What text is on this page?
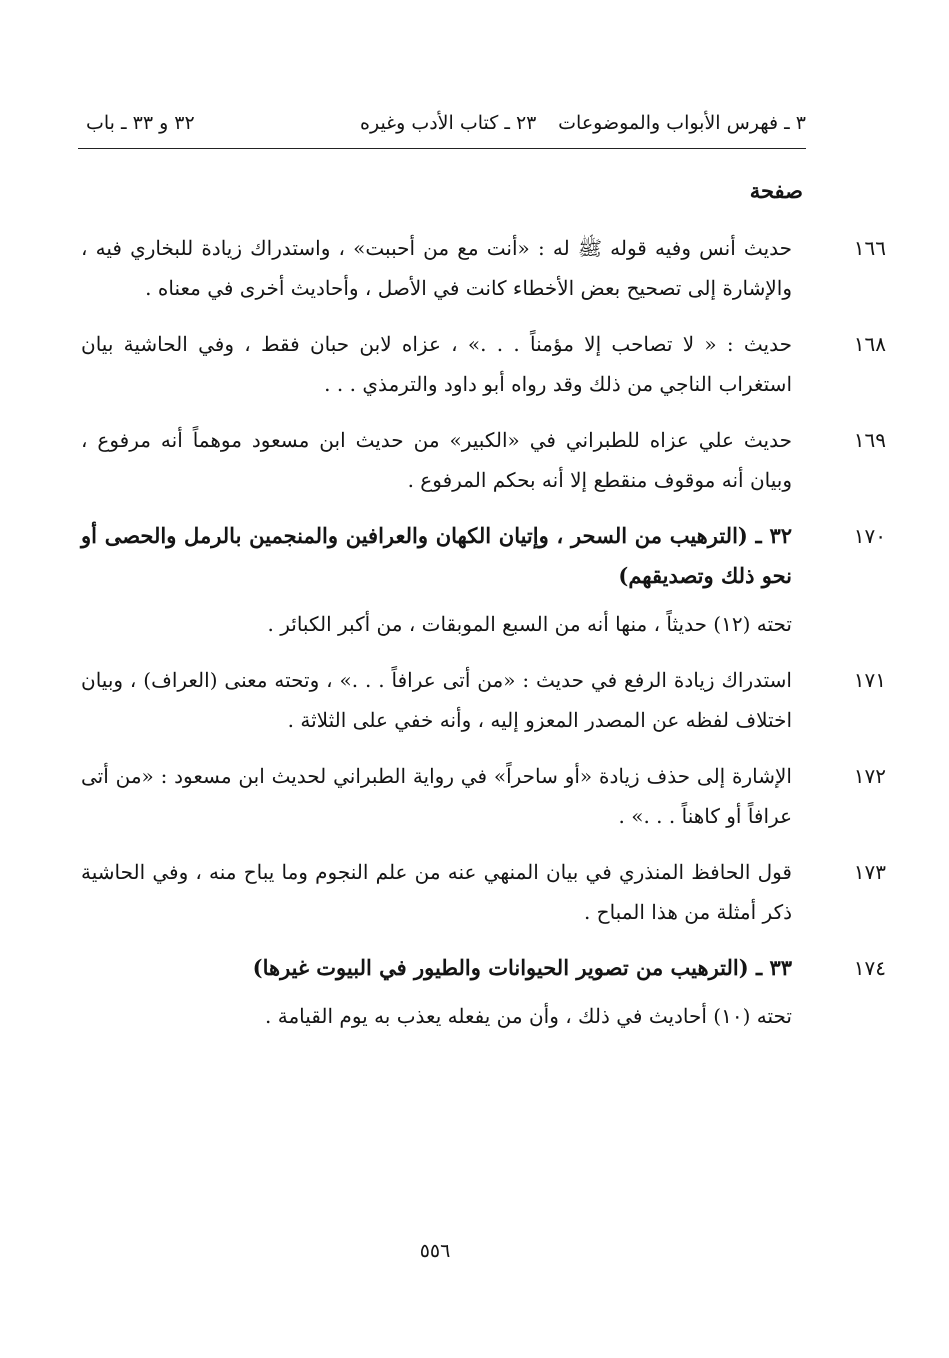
٣ ـ فهرس الأبواب والموضوعات
٢٣ ـ كتاب الأدب وغيره
٣٢ و ٣٣ ـ باب
صفحة
١٦٦

حديث أنس وفيه قوله ﷺ له : «أنت مع من أحببت» ، واستدراك زيادة للبخاري فيه ، والإشارة إلى تصحيح بعض الأخطاء كانت في الأصل ، وأحاديث أخرى في معناه .

١٦٨

حديث : « لا تصاحب إلا مؤمناً . . .» ، عزاه لابن حبان فقط ، وفي الحاشية بيان استغراب الناجي من ذلك وقد رواه أبو داود والترمذي . . .

١٦٩

حديث علي عزاه للطبراني في «الكبير» من حديث ابن مسعود موهماً أنه مرفوع ، وبيان أنه موقوف منقطع إلا أنه بحكم المرفوع .

١٧٠

٣٢ ـ (الترهيب من السحر ، وإتيان الكهان والعرافين والمنجمين بالرمل والحصى أو نحو ذلك وتصديقهم)

تحته (١٢) حديثاً ، منها أنه من السبع الموبقات ، من أكبر الكبائر .

١٧١

استدراك زيادة الرفع في حديث : «من أتى عرافاً . . .» ، وتحته معنى (العراف) ، وبيان اختلاف لفظه عن المصدر المعزو إليه ، وأنه خفي على الثلاثة .

١٧٢

الإشارة إلى حذف زيادة «أو ساحراً» في رواية الطبراني لحديث ابن مسعود : «من أتى عرافاً أو كاهناً . . .» .

١٧٣

قول الحافظ المنذري في بيان المنهي عنه من علم النجوم وما يباح منه ، وفي الحاشية ذكر أمثلة من هذا المباح .

١٧٤

٣٣ ـ (الترهيب من تصوير الحيوانات والطيور في البيوت غيرها)

تحته (١٠) أحاديث في ذلك ، وأن من يفعله يعذب به يوم القيامة .

٥٥٦
